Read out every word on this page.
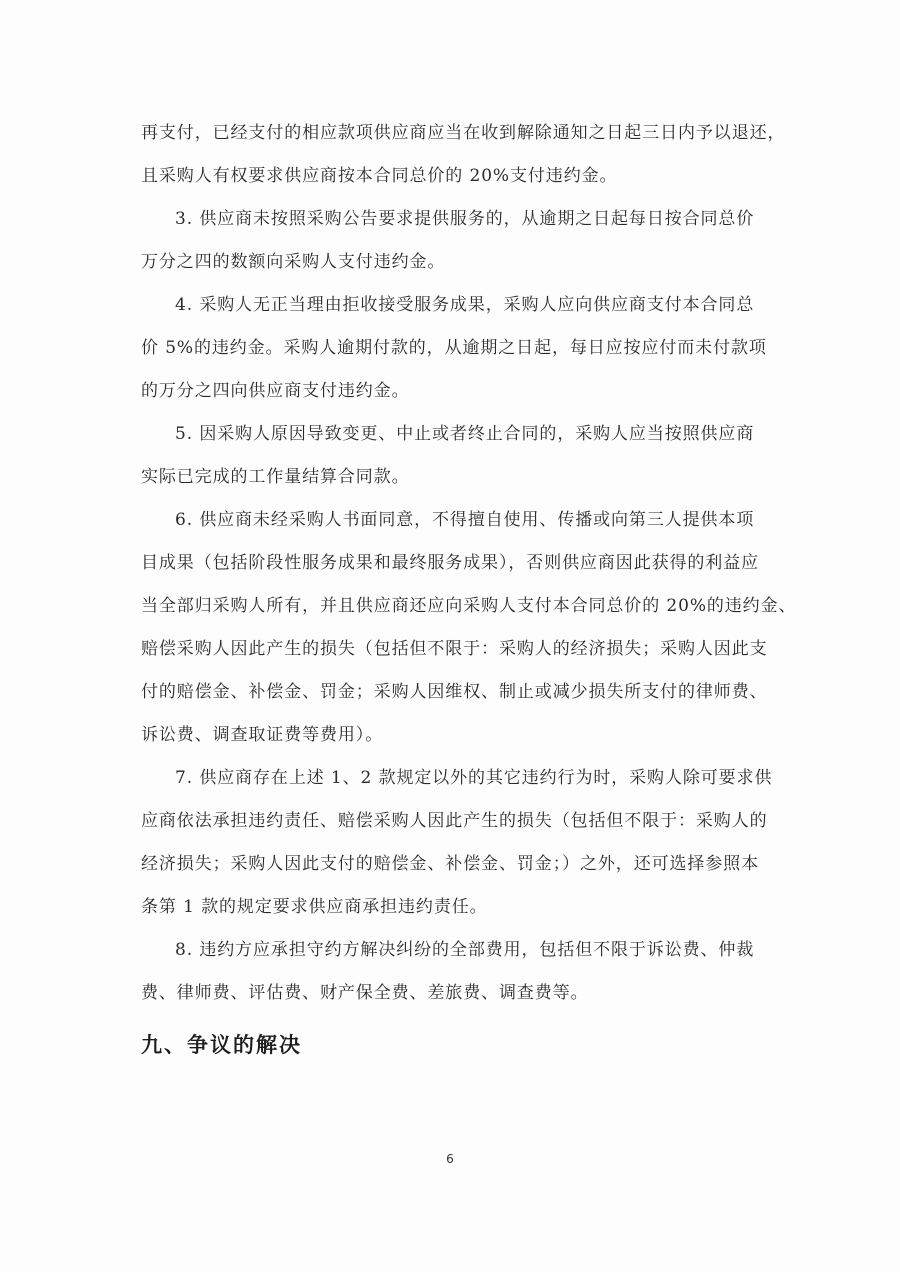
再支付，已经支付的相应款项供应商应当在收到解除通知之日起三日内予以退还，
且采购人有权要求供应商按本合同总价的 20%支付违约金。
3. 供应商未按照采购公告要求提供服务的，从逾期之日起每日按合同总价
万分之四的数额向采购人支付违约金。
4. 采购人无正当理由拒收接受服务成果，采购人应向供应商支付本合同总
价 5%的违约金。采购人逾期付款的，从逾期之日起，每日应按应付而未付款项
的万分之四向供应商支付违约金。
5. 因采购人原因导致变更、中止或者终止合同的，采购人应当按照供应商
实际已完成的工作量结算合同款。
6. 供应商未经采购人书面同意，不得擅自使用、传播或向第三人提供本项
目成果（包括阶段性服务成果和最终服务成果），否则供应商因此获得的利益应
当全部归采购人所有，并且供应商还应向采购人支付本合同总价的 20%的违约金、
赔偿采购人因此产生的损失（包括但不限于：采购人的经济损失；采购人因此支
付的赔偿金、补偿金、罚金；采购人因维权、制止或减少损失所支付的律师费、
诉讼费、调查取证费等费用）。
7. 供应商存在上述 1、2 款规定以外的其它违约行为时，采购人除可要求供
应商依法承担违约责任、赔偿采购人因此产生的损失（包括但不限于：采购人的
经济损失；采购人因此支付的赔偿金、补偿金、罚金；）之外，还可选择参照本
条第 1 款的规定要求供应商承担违约责任。
8. 违约方应承担守约方解决纠纷的全部费用，包括但不限于诉讼费、仲裁
费、律师费、评估费、财产保全费、差旅费、调查费等。
九、争议的解决
6
